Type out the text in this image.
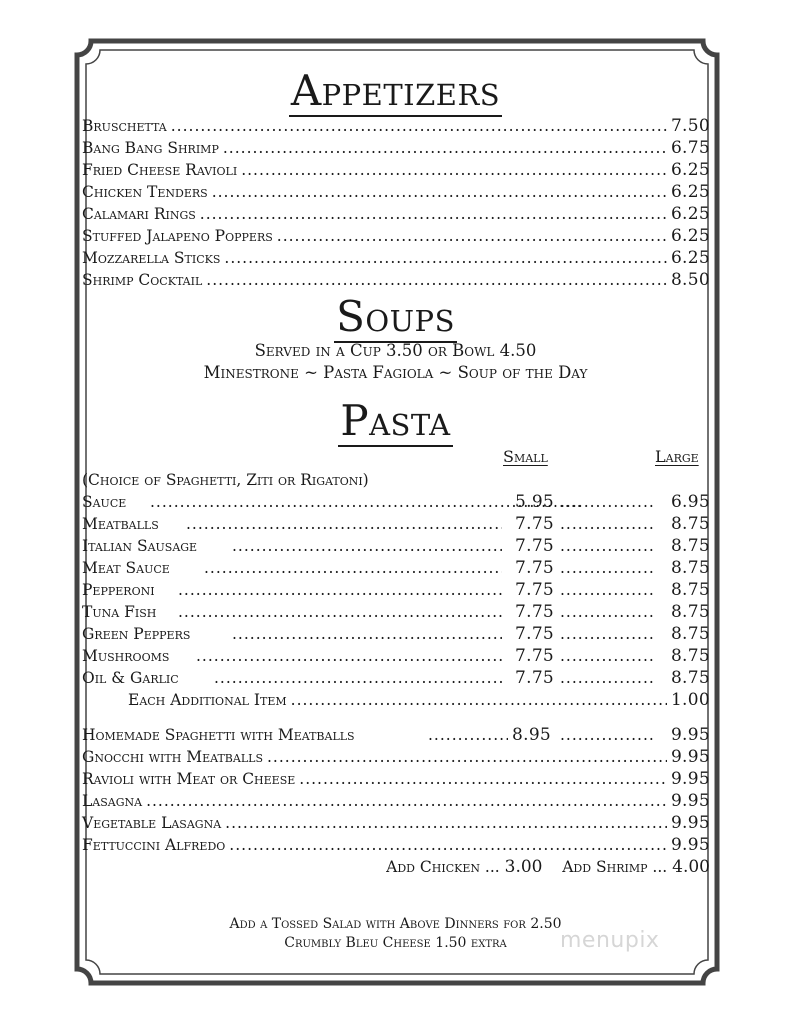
Appetizers
Bruschetta .....	7.50
Bang Bang Shrimp .....	6.75
Fried Cheese Ravioli .....	6.25
Chicken Tenders .....	6.25
Calamari Rings .....	6.25
Stuffed Jalapeno Poppers .....	6.25
Mozzarella Sticks .....	6.25
Shrimp Cocktail .....	8.50
Soups
Served in a Cup 3.50 or Bowl 4.50
Minestrone ~ Pasta Fagiola ~ Soup of the Day
Pasta
Small	Large
(Choice of Spaghetti, Ziti or Rigatoni)
Sauce .....	5.95 .....	6.95
Meatballs .....	7.75 .....	8.75
Italian Sausage .....	7.75 .....	8.75
Meat Sauce .....	7.75 .....	8.75
Pepperoni .....	7.75 .....	8.75
Tuna Fish .....	7.75 .....	8.75
Green Peppers .....	7.75 .....	8.75
Mushrooms .....	7.75 .....	8.75
Oil & Garlic .....	7.75 .....	8.75
Each Additional Item .....	1.00
Homemade Spaghetti with Meatballs .....	8.95 .....	9.95
Gnocchi with Meatballs .....	9.95
Ravioli with Meat or Cheese .....	9.95
Lasagna .....	9.95
Vegetable Lasagna .....	9.95
Fettuccini Alfredo .....	9.95
Add Chicken ... 3.00 Add Shrimp ... 4.00
Add a Tossed Salad with Above Dinners for 2.50
Crumbly Bleu Cheese 1.50 extra	menupix
